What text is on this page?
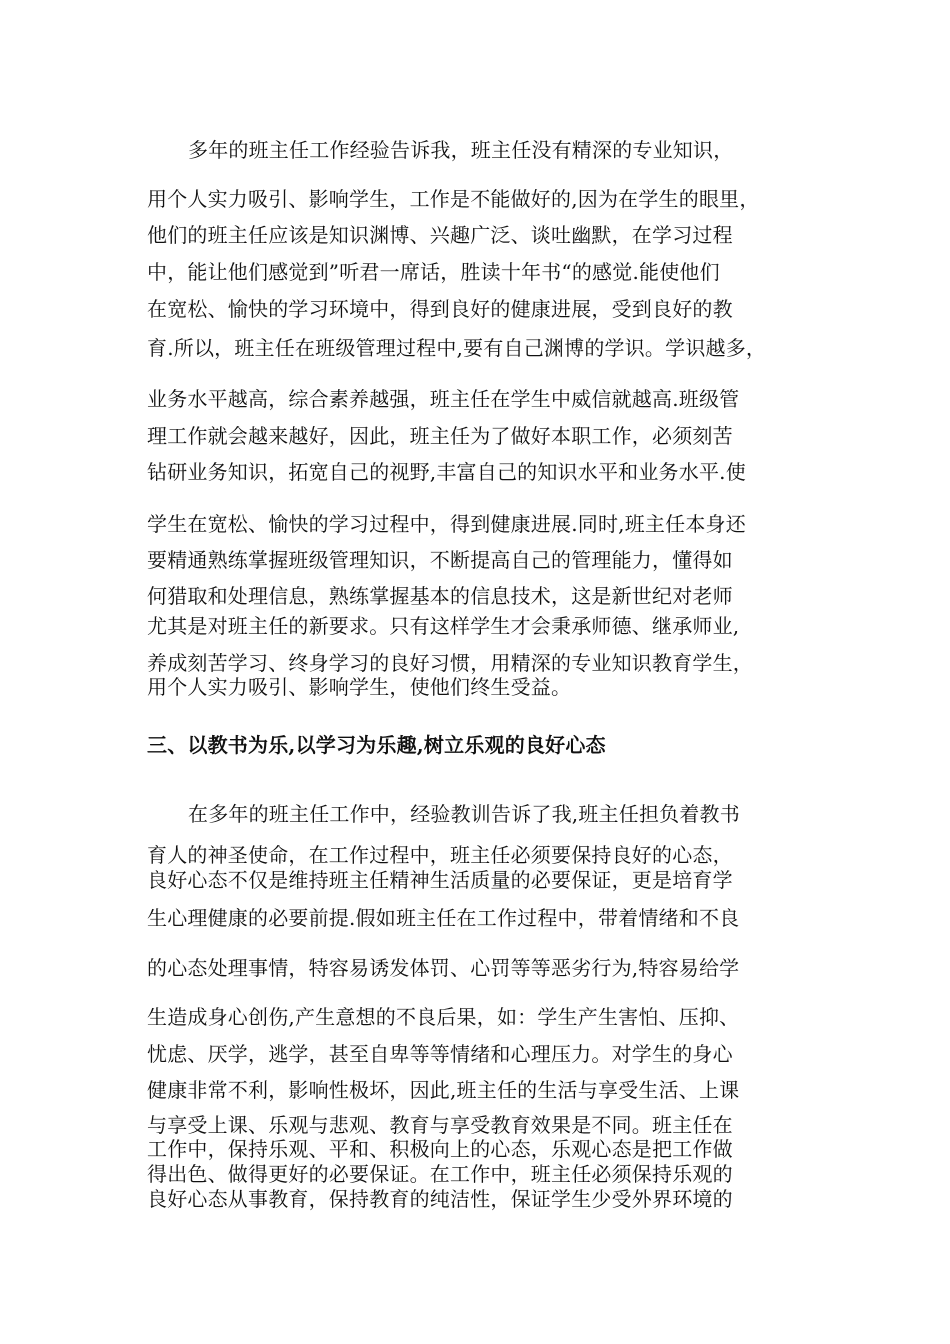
多年的班主任工作经验告诉我，班主任没有精深的专业知识，
用个人实力吸引、影响学生，工作是不能做好的,因为在学生的眼里，
他们的班主任应该是知识渊博、兴趣广泛、谈吐幽默，在学习过程
中，能让他们感觉到”听君一席话，胜读十年书“的感觉.能使他们
在宽松、愉快的学习环境中，得到良好的健康进展，受到良好的教
育.所以，班主任在班级管理过程中,要有自己渊博的学识。学识越多，
业务水平越高，综合素养越强，班主任在学生中威信就越高.班级管
理工作就会越来越好，因此，班主任为了做好本职工作，必须刻苦
钻研业务知识，拓宽自己的视野,丰富自己的知识水平和业务水平.使
学生在宽松、愉快的学习过程中，得到健康进展.同时,班主任本身还
要精通熟练掌握班级管理知识，不断提高自己的管理能力，懂得如
何猎取和处理信息，熟练掌握基本的信息技术，这是新世纪对老师
尤其是对班主任的新要求。只有这样学生才会秉承师德、继承师业,
养成刻苦学习、终身学习的良好习惯，用精深的专业知识教育学生，
用个人实力吸引、影响学生，使他们终生受益。
三、以教书为乐,以学习为乐趣,树立乐观的良好心态
在多年的班主任工作中，经验教训告诉了我,班主任担负着教书
育人的神圣使命，在工作过程中，班主任必须要保持良好的心态，
良好心态不仅是维持班主任精神生活质量的必要保证，更是培育学
生心理健康的必要前提.假如班主任在工作过程中，带着情绪和不良
的心态处理事情，特容易诱发体罚、心罚等等恶劣行为,特容易给学
生造成身心创伤,产生意想的不良后果，如：学生产生害怕、压抑、
忧虑、厌学，逃学，甚至自卑等等情绪和心理压力。对学生的身心
健康非常不利，影响性极坏，因此,班主任的生活与享受生活、上课
与享受上课、乐观与悲观、教育与享受教育效果是不同。班主任在
工作中，保持乐观、平和、积极向上的心态，乐观心态是把工作做
得出色、做得更好的必要保证。在工作中，班主任必须保持乐观的
良好心态从事教育，保持教育的纯洁性，保证学生少受外界环境的
